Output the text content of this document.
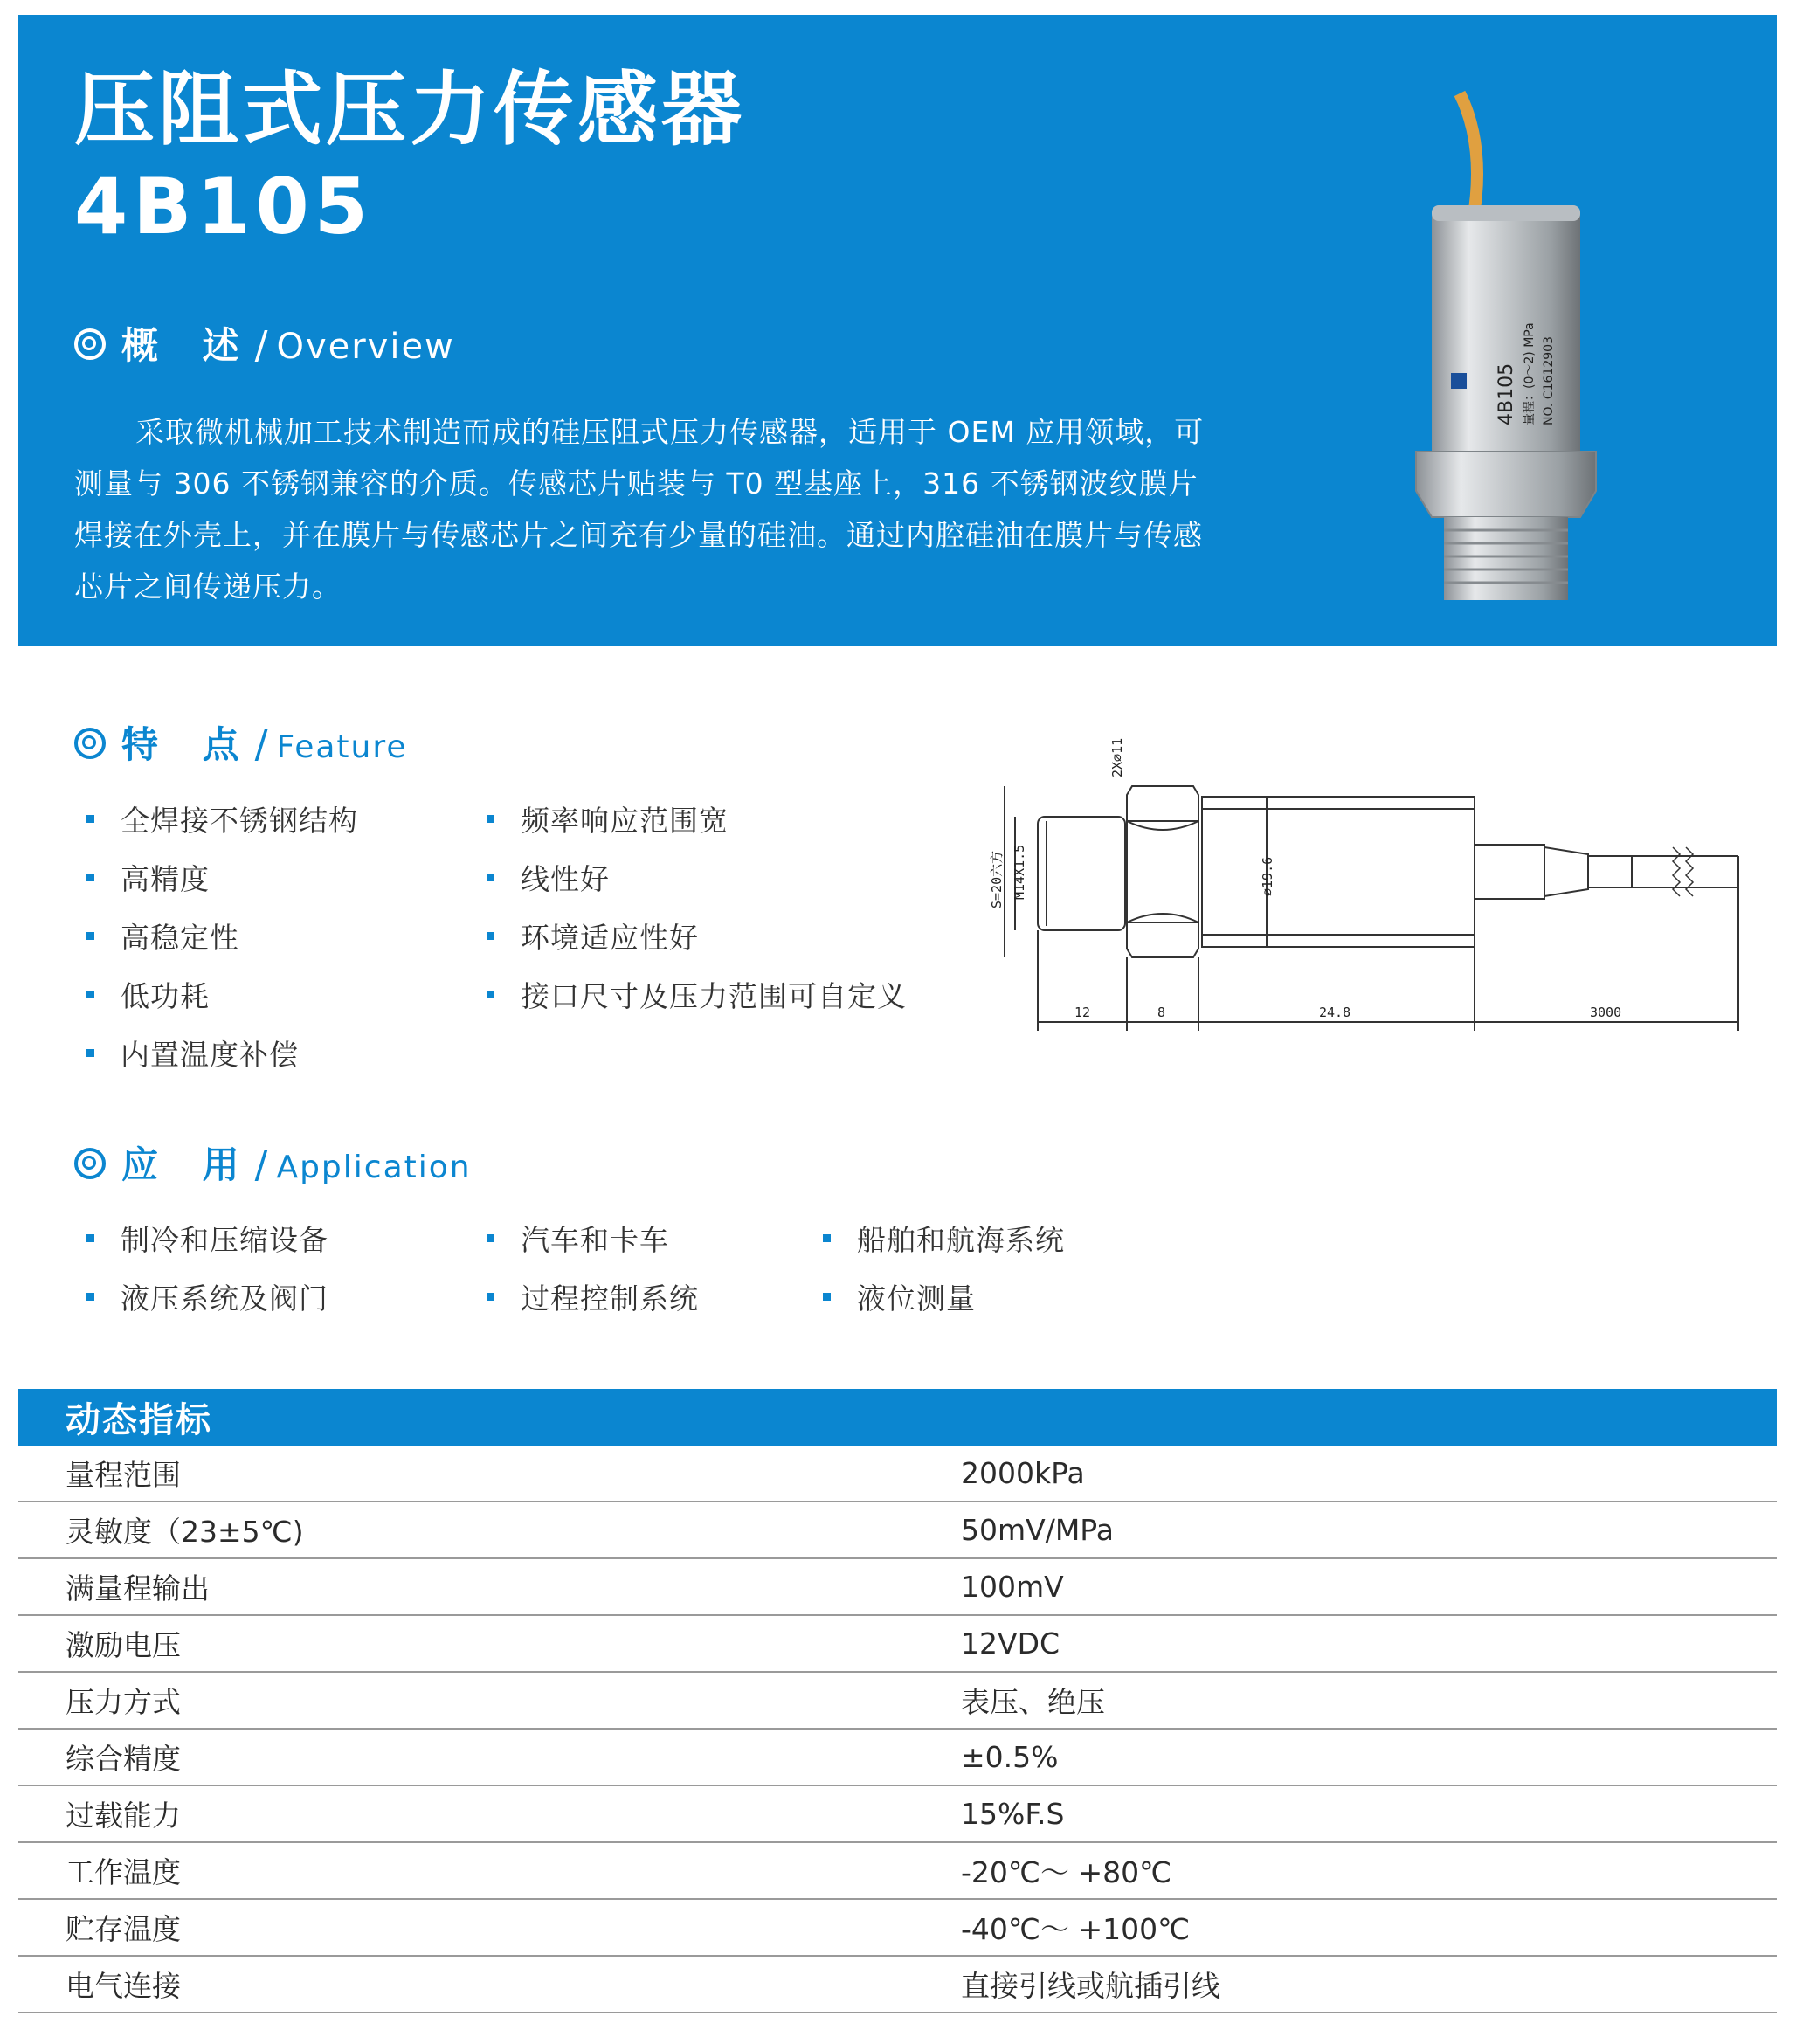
压阻式压力传感器
4B105
概 述 / Overview

采取微机械加工技术制造而成的硅压阻式压力传感器，适用于 OEM 应用领域，可测量与 306 不锈钢兼容的介质。传感芯片贴装与 T0 型基座上，316 不锈钢波纹膜片焊接在外壳上，并在膜片与传感芯片之间充有少量的硅油。通过内腔硅油在膜片与传感芯片之间传递压力。

4B105 量程：(0～2) MPa NO. C1612903
特 点 / Feature
全焊接不锈钢结构
高精度
高稳定性
低功耗
内置温度补偿
频率响应范围宽
线性好
环境适应性好
接口尺寸及压力范围可自定义
2X⌀11
S=20六方 M14X1.5	⌀19.6
12	8	24.8	3000
应 用 / Application
制冷和压缩设备
液压系统及阀门
汽车和卡车
过程控制系统
船舶和航海系统
液位测量
动态指标
量程范围	2000kPa
灵敏度（23±5℃)	50mV/MPa
满量程输出	100mV
激励电压	12VDC
压力方式	表压、绝压
综合精度	±0.5%
过载能力	15%F.S
工作温度	-20℃～ +80℃
贮存温度	-40℃～ +100℃
电气连接	直接引线或航插引线
